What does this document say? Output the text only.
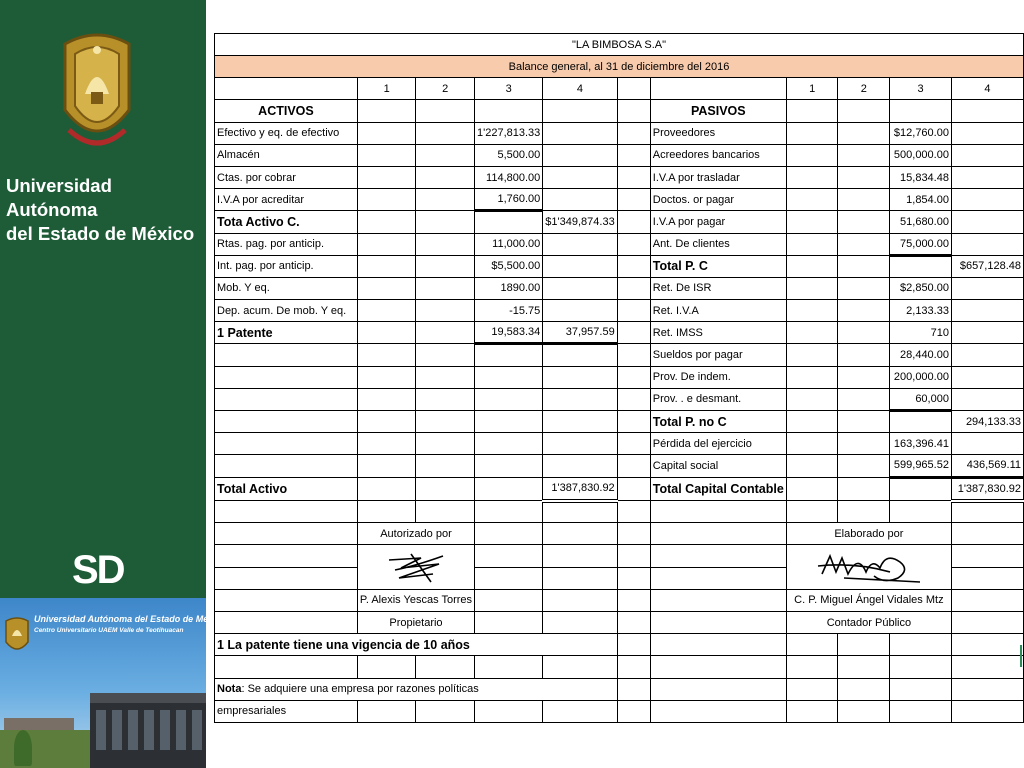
Universidad Autónoma
del Estado de México
SD
Universidad Autónoma del Estado de México
Centro Universitario UAEM Valle de Teotihuacan
"LA BIMBOSA S.A"										
Balance general, al 31 de diciembre del 2016										
	1	2	3	4			1	2	3	4
ACTIVOS						PASIVOS				
Efectivo y eq. de efectivo			1'227,813.33			Proveedores			$12,760.00	
Almacén			5,500.00			Acreedores bancarios			500,000.00	
Ctas. por cobrar			114,800.00			I.V.A por trasladar			15,834.48	
I.V.A por acreditar			1,760.00			Doctos. or pagar			1,854.00	
Tota Activo C.				$1'349,874.33		I.V.A por pagar			51,680.00	
Rtas. pag. por anticip.			11,000.00			Ant. De clientes			75,000.00	
Int. pag. por anticip.			$5,500.00			Total P. C				$657,128.48
Mob. Y eq.			1890.00			Ret. De ISR			$2,850.00	
Dep. acum. De mob. Y eq.			-15.75			Ret. I.V.A			2,133.33	
1 Patente			19,583.34	37,957.59		Ret. IMSS			710	
						Sueldos por pagar			28,440.00	
						Prov. De indem.			200,000.00	
						Prov. . e desmant.			60,000	
						Total P. no C				294,133.33
						Pérdida del ejercicio			163,396.41	
						Capital social			599,965.52	436,569.11
Total Activo				1'387,830.92		Total Capital Contable				1'387,830.92

	Autorizado por						Elaborado por			

	P. Alexis Yescas Torres						C. P. Miguel Ángel Vidales Mtz			
	Propietario						Contador Público			
1 La patente tiene una vigencia de 10 años										

Nota: Se adquiere una empresa por razones políticas										
empresariales										
